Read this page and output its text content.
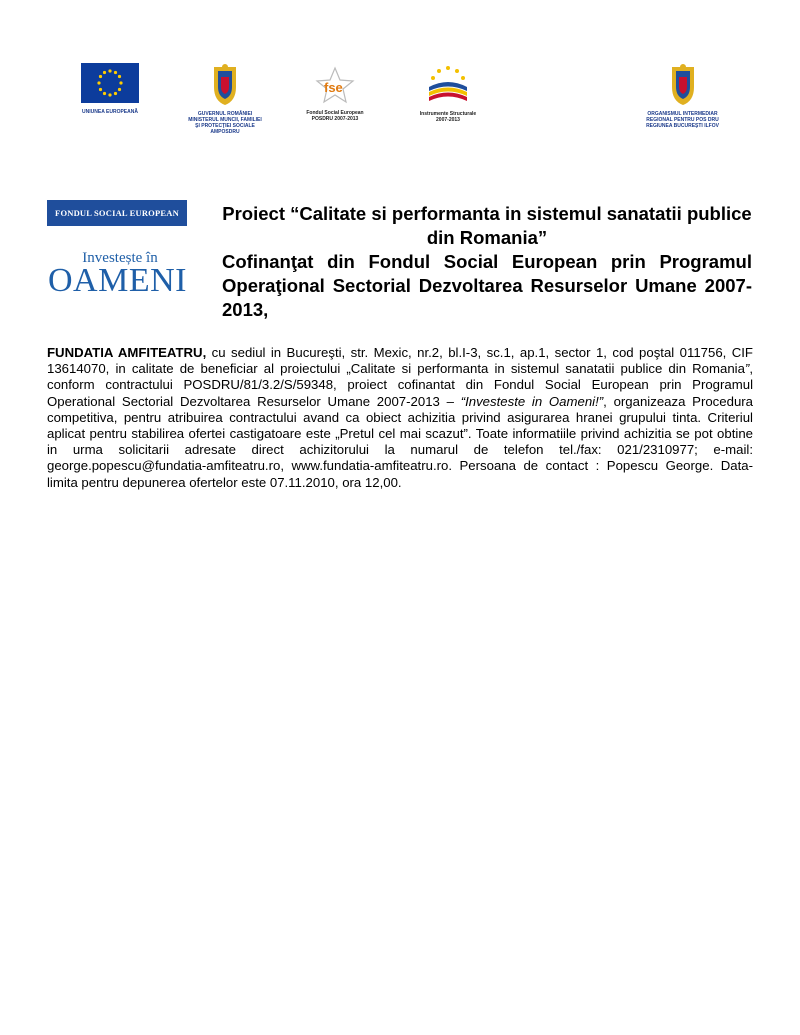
UNIUNEA EUROPEANĂ	GUVERNUL ROMÂNIEI
MINISTERUL MUNCII, FAMILIEI
ŞI PROTECŢIEI SOCIALE
AMPOSDRU
fse
Fondul Social European
POSDRU 2007-2013
Instrumente Structurale
2007-2013
ORGANISMUL INTERMEDIAR
REGIONAL PENTRU POS DRU
REGIUNEA BUCUREŞTI ILFOV
FONDUL SOCIAL EUROPEAN
Investește în
OAMENI
Proiect “Calitate si performanta in sistemul sanatatii publice din Romania”
Cofinanţat din Fondul Social European prin Programul Operaţional Sectorial Dezvoltarea Resurselor Umane 2007- 2013,
FUNDATIA AMFITEATRU, cu sediul in Bucureşti, str. Mexic, nr.2, bl.I-3, sc.1, ap.1, sector 1, cod poştal 011756, CIF 13614070, in calitate de beneficiar al proiectului „Calitate si performanta in sistemul sanatatii publice din Romania”, conform contractului POSDRU/81/3.2/S/59348, proiect cofinantat din Fondul Social European prin Programul Operational Sectorial Dezvoltarea Resurselor Umane 2007-2013 – “Investeste in Oameni!”, organizeaza Procedura competitiva, pentru atribuirea contractului avand ca obiect achizitia privind asigurarea hranei grupului tinta. Criteriul aplicat pentru stabilirea ofertei castigatoare este „Pretul cel mai scazut”. Toate informatiile privind achizitia se pot obtine in urma solicitarii adresate direct achizitorului la numarul de telefon tel./fax: 021/2310977; e-mail: george.popescu@fundatia-amfiteatru.ro, www.fundatia-amfiteatru.ro. Persoana de contact : Popescu George. Data-limita pentru depunerea ofertelor este 07.11.2010, ora 12,00.
